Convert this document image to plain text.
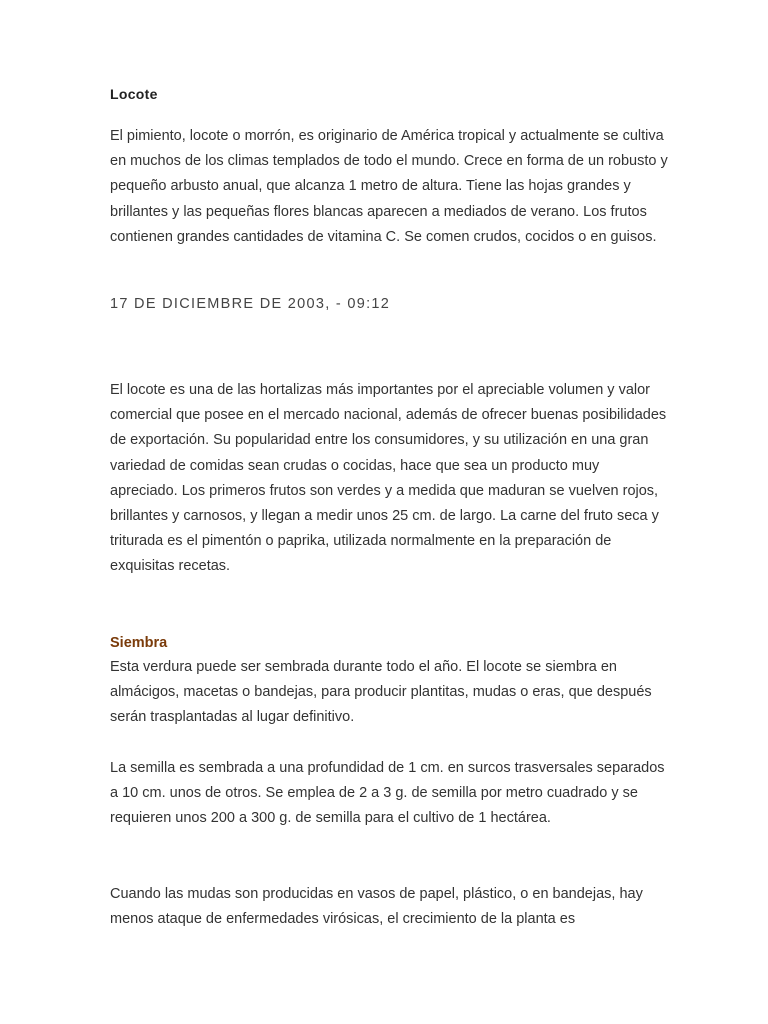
Locote

El pimiento, locote o morrón, es originario de América tropical y actualmente se cultiva en muchos de los climas templados de todo el mundo. Crece en forma de un robusto y pequeño arbusto anual, que alcanza 1 metro de altura. Tiene las hojas grandes y brillantes y las pequeñas flores blancas aparecen a mediados de verano. Los frutos contienen grandes cantidades de vitamina C. Se comen crudos, cocidos o en guisos.

17 DE DICIEMBRE DE 2003, - 09:12

El locote es una de las hortalizas más importantes por el apreciable volumen y valor comercial que posee en el mercado nacional, además de ofrecer buenas posibilidades de exportación. Su popularidad entre los consumidores, y su utilización en una gran variedad de comidas sean crudas o cocidas, hace que sea un producto muy apreciado. Los primeros frutos son verdes y a medida que maduran se vuelven rojos, brillantes y carnosos, y llegan a medir unos 25 cm. de largo. La carne del fruto seca y triturada es el pimentón o paprika, utilizada normalmente en la preparación de exquisitas recetas.

Siembra

Esta verdura puede ser sembrada durante todo el año. El locote se siembra en almácigos, macetas o bandejas, para producir plantitas, mudas o eras, que después serán trasplantadas al lugar definitivo.

La semilla es sembrada a una profundidad de 1 cm. en surcos trasversales separados a 10 cm. unos de otros. Se emplea de 2 a 3 g. de semilla por metro cuadrado y se requieren unos 200 a 300 g. de semilla para el cultivo de 1 hectárea.

Cuando las mudas son producidas en vasos de papel, plástico, o en bandejas, hay menos ataque de enfermedades virósicas, el crecimiento de la planta es
